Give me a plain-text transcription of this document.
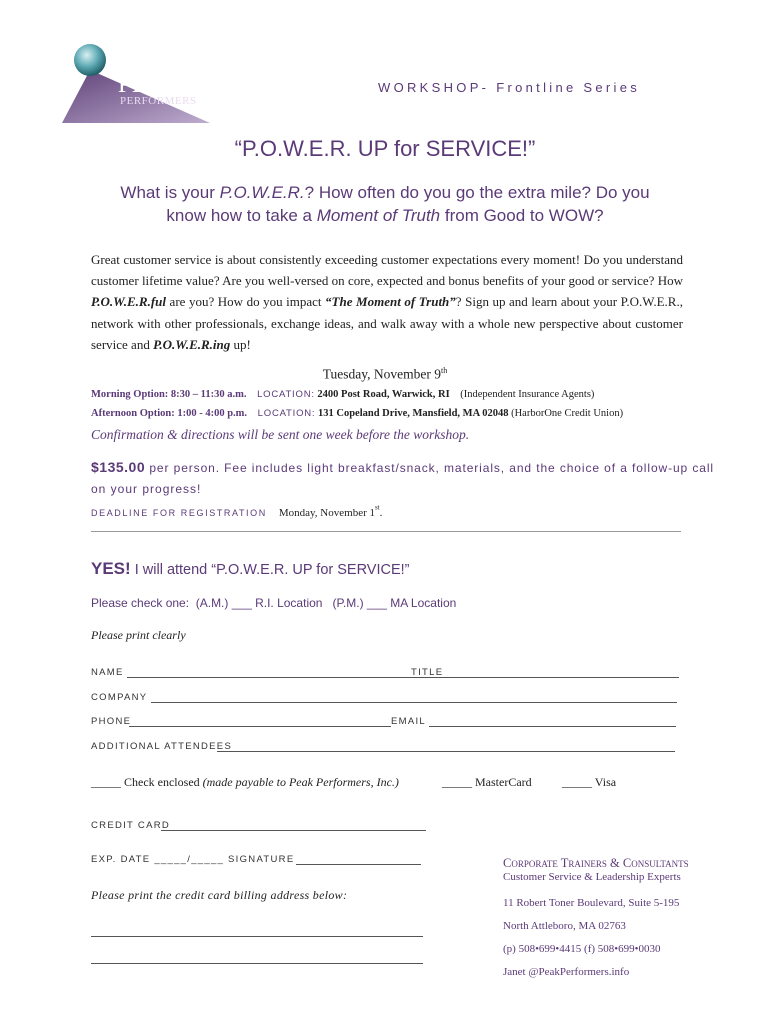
PEAK
PERFORMERS
WORKSHOP- Frontline Series
“P.O.W.E.R. UP for SERVICE!”
What is your P.O.W.E.R.? How often do you go the extra mile? Do you
know how to take a Moment of Truth from Good to WOW?
Great customer service is about consistently exceeding customer expectations every moment! Do you understand customer lifetime value? Are you well-versed on core, expected and bonus benefits of your good or service? How P.O.W.E.R.ful are you? How do you impact “The Moment of Truth”? Sign up and learn about your P.O.W.E.R., network with other professionals, exchange ideas, and walk away with a whole new perspective about customer service and P.O.W.E.R.ing up!
Tuesday, November 9th
Morning Option: 8:30 – 11:30 a.m. LOCATION: 2400 Post Road, Warwick, RI (Independent Insurance Agents)
Afternoon Option: 1:00 - 4:00 p.m. LOCATION: 131 Copeland Drive, Mansfield, MA 02048 (HarborOne Credit Union)
Confirmation & directions will be sent one week before the workshop.
$135.00 per person. Fee includes light breakfast/snack, materials, and the choice of a follow-up call
on your progress!
DEADLINE FOR REGISTRATION Monday, November 1st.
YES! I will attend “P.O.W.E.R. UP for SERVICE!”
Please check one:  (A.M.) ___ R.I. Location   (P.M.) ___ MA Location
Please print clearly
NAME	TITLE
COMPANY
PHONE	EMAIL
ADDITIONAL ATTENDEES
_____ Check enclosed (made payable to Peak Performers, Inc.)	_____ MasterCard	_____ Visa
CREDIT CARD
EXP. DATE _____/_____ SIGNATURE
Please print the credit card billing address below:
Corporate Trainers & Consultants
Customer Service & Leadership Experts
11 Robert Toner Boulevard, Suite 5-195
North Attleboro, MA 02763
(p) 508•699•4415 (f) 508•699•0030
Janet @PeakPerformers.info
